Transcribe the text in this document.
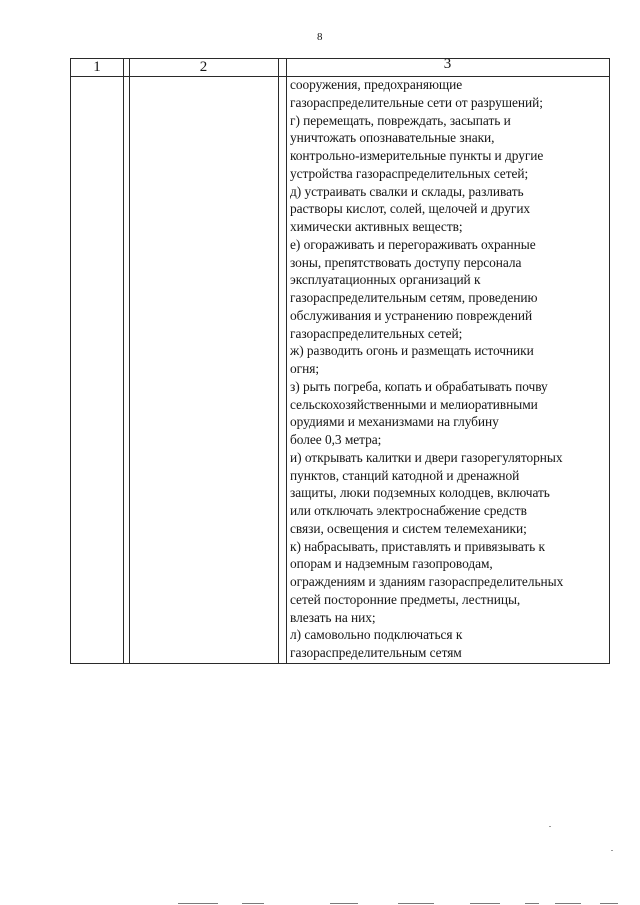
8
1	2	3
сооружения, предохраняющие
газораспределительные сети от разрушений;
г) перемещать, повреждать, засыпать и
уничтожать опознавательные знаки,
контрольно-измерительные пункты и другие
устройства газораспределительных сетей;
д) устраивать свалки и склады, разливать
растворы кислот, солей, щелочей и других
химически активных веществ;
е) огораживать и перегораживать охранные
зоны, препятствовать доступу персонала
эксплуатационных организаций к
газораспределительным сетям, проведению
обслуживания и устранению повреждений
газораспределительных сетей;
ж) разводить огонь и размещать источники
огня;
з) рыть погреба, копать и обрабатывать почву
сельскохозяйственными и мелиоративными
орудиями и механизмами на глубину
более 0,3 метра;
и) открывать калитки и двери газорегуляторных
пунктов, станций катодной и дренажной
защиты, люки подземных колодцев, включать
или отключать электроснабжение средств
связи, освещения и систем телемеханики;
к) набрасывать, приставлять и привязывать к
опорам и надземным газопроводам,
ограждениям и зданиям газораспределительных
сетей посторонние предметы, лестницы,
влезать на них;
л) самовольно подключаться к
газораспределительным сетям
